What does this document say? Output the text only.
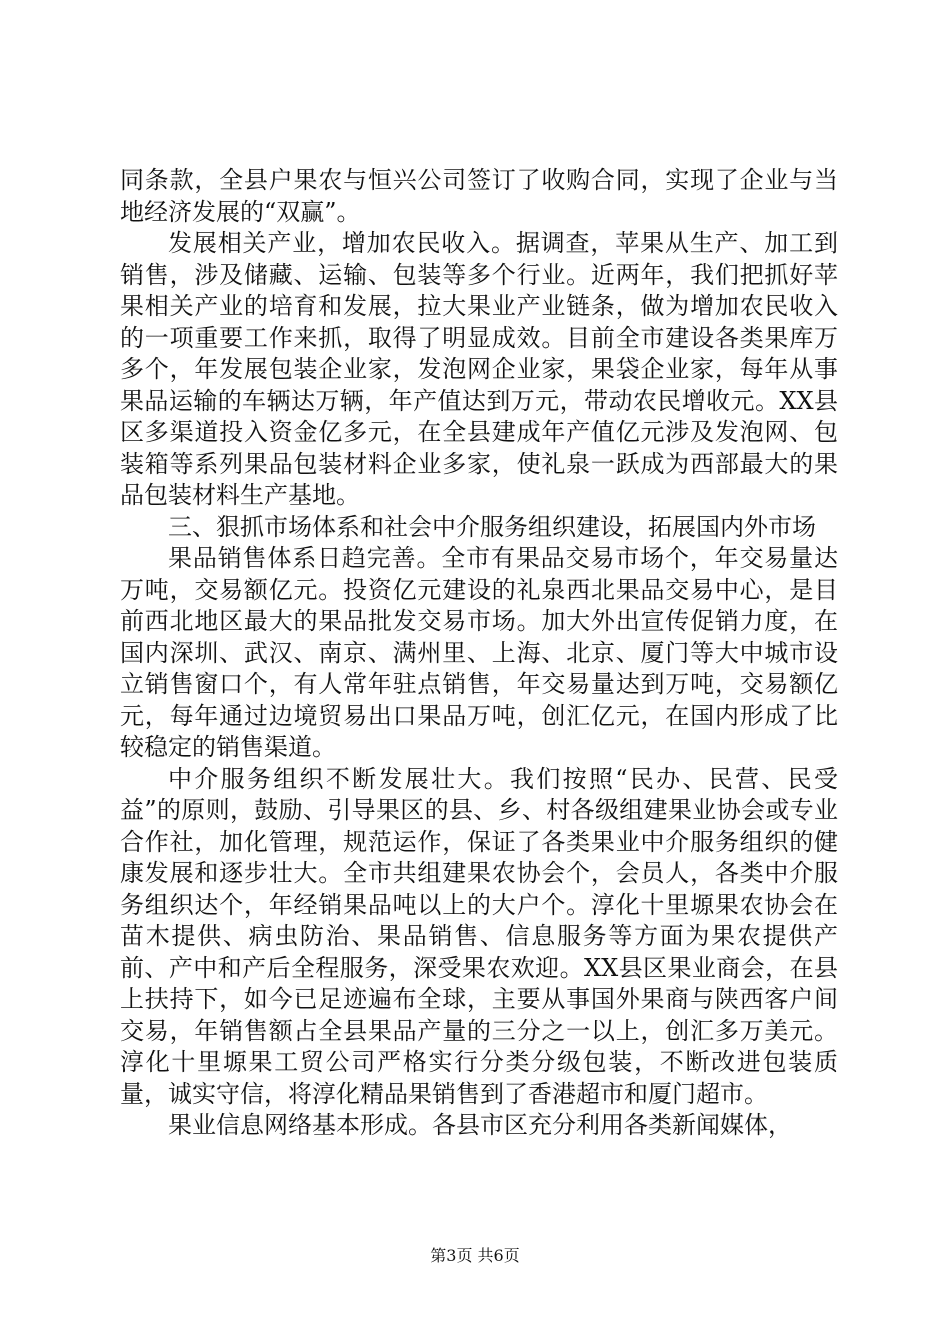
同条款，全县户果农与恒兴公司签订了收购合同，实现了企业与当地经济发展的“双赢”。

发展相关产业，增加农民收入。据调查，苹果从生产、加工到销售，涉及储藏、运输、包装等多个行业。近两年，我们把抓好苹果相关产业的培育和发展，拉大果业产业链条，做为增加农民收入的一项重要工作来抓，取得了明显成效。目前全市建设各类果库万多个，年发展包装企业家，发泡网企业家，果袋企业家，每年从事果品运输的车辆达万辆，年产值达到万元，带动农民增收元。XX县区多渠道投入资金亿多元，在全县建成年产值亿元涉及发泡网、包装箱等系列果品包装材料企业多家，使礼泉一跃成为西部最大的果品包装材料生产基地。

三、狠抓市场体系和社会中介服务组织建设，拓展国内外市场

果品销售体系日趋完善。全市有果品交易市场个，年交易量达万吨，交易额亿元。投资亿元建设的礼泉西北果品交易中心，是目前西北地区最大的果品批发交易市场。加大外出宣传促销力度，在国内深圳、武汉、南京、满州里、上海、北京、厦门等大中城市设立销售窗口个，有人常年驻点销售，年交易量达到万吨，交易额亿元，每年通过边境贸易出口果品万吨，创汇亿元，在国内形成了比较稳定的销售渠道。

中介服务组织不断发展壮大。我们按照“民办、民营、民受益”的原则，鼓励、引导果区的县、乡、村各级组建果业协会或专业合作社，加化管理，规范运作，保证了各类果业中介服务组织的健康发展和逐步壮大。全市共组建果农协会个，会员人，各类中介服务组织达个，年经销果品吨以上的大户个。淳化十里塬果农协会在苗木提供、病虫防治、果品销售、信息服务等方面为果农提供产前、产中和产后全程服务，深受果农欢迎。XX县区果业商会，在县上扶持下，如今已足迹遍布全球，主要从事国外果商与陕西客户间交易，年销售额占全县果品产量的三分之一以上，创汇多万美元。淳化十里塬果工贸公司严格实行分类分级包装，不断改进包装质量，诚实守信，将淳化精品果销售到了香港超市和厦门超市。

果业信息网络基本形成。各县市区充分利用各类新闻媒体，

第3页 共6页
